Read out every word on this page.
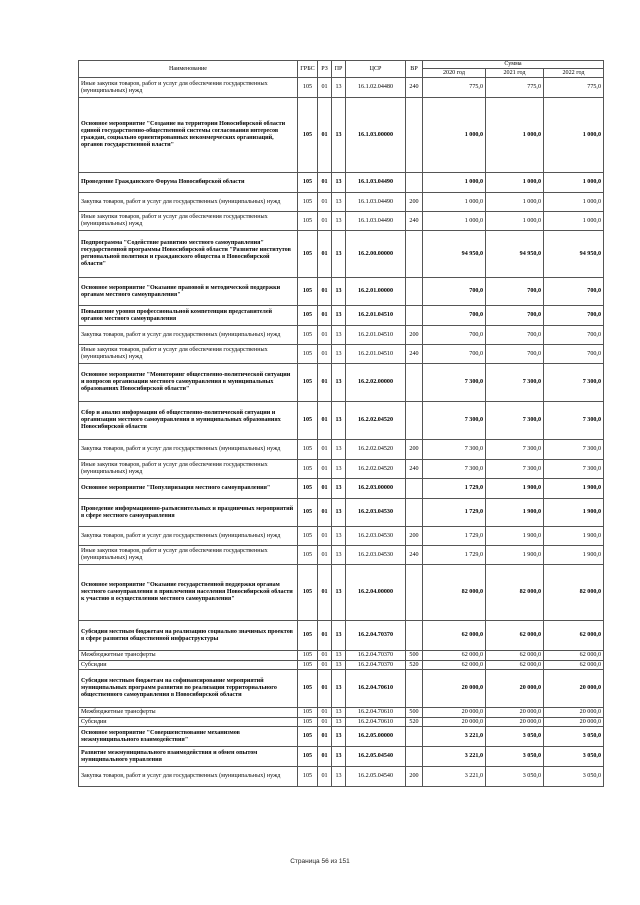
Наименование	ГРБС	РЗ	ПР	ЦСР	ВР	Сумма		
						2020 год	2021 год	2022 год
Иные закупки товаров, работ и услуг для обеспечения государственных (муниципальных) нужд	105	01	13	16.1.02.04480	240	775,0	775,0	775,0
Основное мероприятие "Создание на территории Новосибирской области единой государственно-общественной системы согласования интересов граждан, социально ориентированных некоммерческих организаций, органов государственной власти"	105	01	13	16.1.03.00000		1 000,0	1 000,0	1 000,0
Проведение Гражданского Форума Новосибирской области	105	01	13	16.1.03.04490		1 000,0	1 000,0	1 000,0
Закупка товаров, работ и услуг для государственных (муниципальных) нужд	105	01	13	16.1.03.04490	200	1 000,0	1 000,0	1 000,0
Иные закупки товаров, работ и услуг для обеспечения государственных (муниципальных) нужд	105	01	13	16.1.03.04490	240	1 000,0	1 000,0	1 000,0
Подпрограмма "Содействие развитию местного самоуправления" государственной программы Новосибирской области "Развитие институтов региональной политики и гражданского общества в Новосибирской области"	105	01	13	16.2.00.00000		94 950,0	94 950,0	94 950,0
Основное мероприятие "Оказание правовой и методической поддержки органам местного самоуправления"	105	01	13	16.2.01.00000		700,0	700,0	700,0
Повышение уровня профессиональной компетенции представителей органов местного самоуправления	105	01	13	16.2.01.04510		700,0	700,0	700,0
Закупка товаров, работ и услуг для государственных (муниципальных) нужд	105	01	13	16.2.01.04510	200	700,0	700,0	700,0
Иные закупки товаров, работ и услуг для обеспечения государственных (муниципальных) нужд	105	01	13	16.2.01.04510	240	700,0	700,0	700,0
Основное мероприятие "Мониторинг общественно-политической ситуации и вопросов организации местного самоуправления в муниципальных образованиях Новосибирской области"	105	01	13	16.2.02.00000		7 300,0	7 300,0	7 300,0
Сбор и анализ информации об общественно-политической ситуации и организации местного самоуправления в муниципальных образованиях Новосибирской области	105	01	13	16.2.02.04520		7 300,0	7 300,0	7 300,0
Закупка товаров, работ и услуг для государственных (муниципальных) нужд	105	01	13	16.2.02.04520	200	7 300,0	7 300,0	7 300,0
Иные закупки товаров, работ и услуг для обеспечения государственных (муниципальных) нужд	105	01	13	16.2.02.04520	240	7 300,0	7 300,0	7 300,0
Основное мероприятие "Популяризация местного самоуправления"	105	01	13	16.2.03.00000		1 729,0	1 900,0	1 900,0
Проведение информационно-разъяснительных и праздничных мероприятий в сфере местного самоуправления	105	01	13	16.2.03.04530		1 729,0	1 900,0	1 900,0
Закупка товаров, работ и услуг для государственных (муниципальных) нужд	105	01	13	16.2.03.04530	200	1 729,0	1 900,0	1 900,0
Иные закупки товаров, работ и услуг для обеспечения государственных (муниципальных) нужд	105	01	13	16.2.03.04530	240	1 729,0	1 900,0	1 900,0
Основное мероприятие "Оказание государственной поддержки органам местного самоуправления в привлечении населения Новосибирской области к участию в осуществлении местного самоуправления"	105	01	13	16.2.04.00000		82 000,0	82 000,0	82 000,0
Субсидии местным бюджетам на реализацию социально значимых проектов в сфере развития общественной инфраструктуры	105	01	13	16.2.04.70370		62 000,0	62 000,0	62 000,0
Межбюджетные трансферты	105	01	13	16.2.04.70370	500	62 000,0	62 000,0	62 000,0
Субсидии	105	01	13	16.2.04.70370	520	62 000,0	62 000,0	62 000,0
Субсидии местным бюджетам на софинансирование мероприятий муниципальных программ развития по реализации территориального общественного самоуправления в Новосибирской области	105	01	13	16.2.04.70610		20 000,0	20 000,0	20 000,0
Межбюджетные трансферты	105	01	13	16.2.04.70610	500	20 000,0	20 000,0	20 000,0
Субсидии	105	01	13	16.2.04.70610	520	20 000,0	20 000,0	20 000,0
Основное мероприятие "Совершенствование механизмов межмуниципального взаимодействия"	105	01	13	16.2.05.00000		3 221,0	3 050,0	3 050,0
Развитие межмуниципального взаимодействия и обмен опытом муниципального управления	105	01	13	16.2.05.04540		3 221,0	3 050,0	3 050,0
Закупка товаров, работ и услуг для государственных (муниципальных) нужд	105	01	13	16.2.05.04540	200	3 221,0	3 050,0	3 050,0
Страница 56 из 151
